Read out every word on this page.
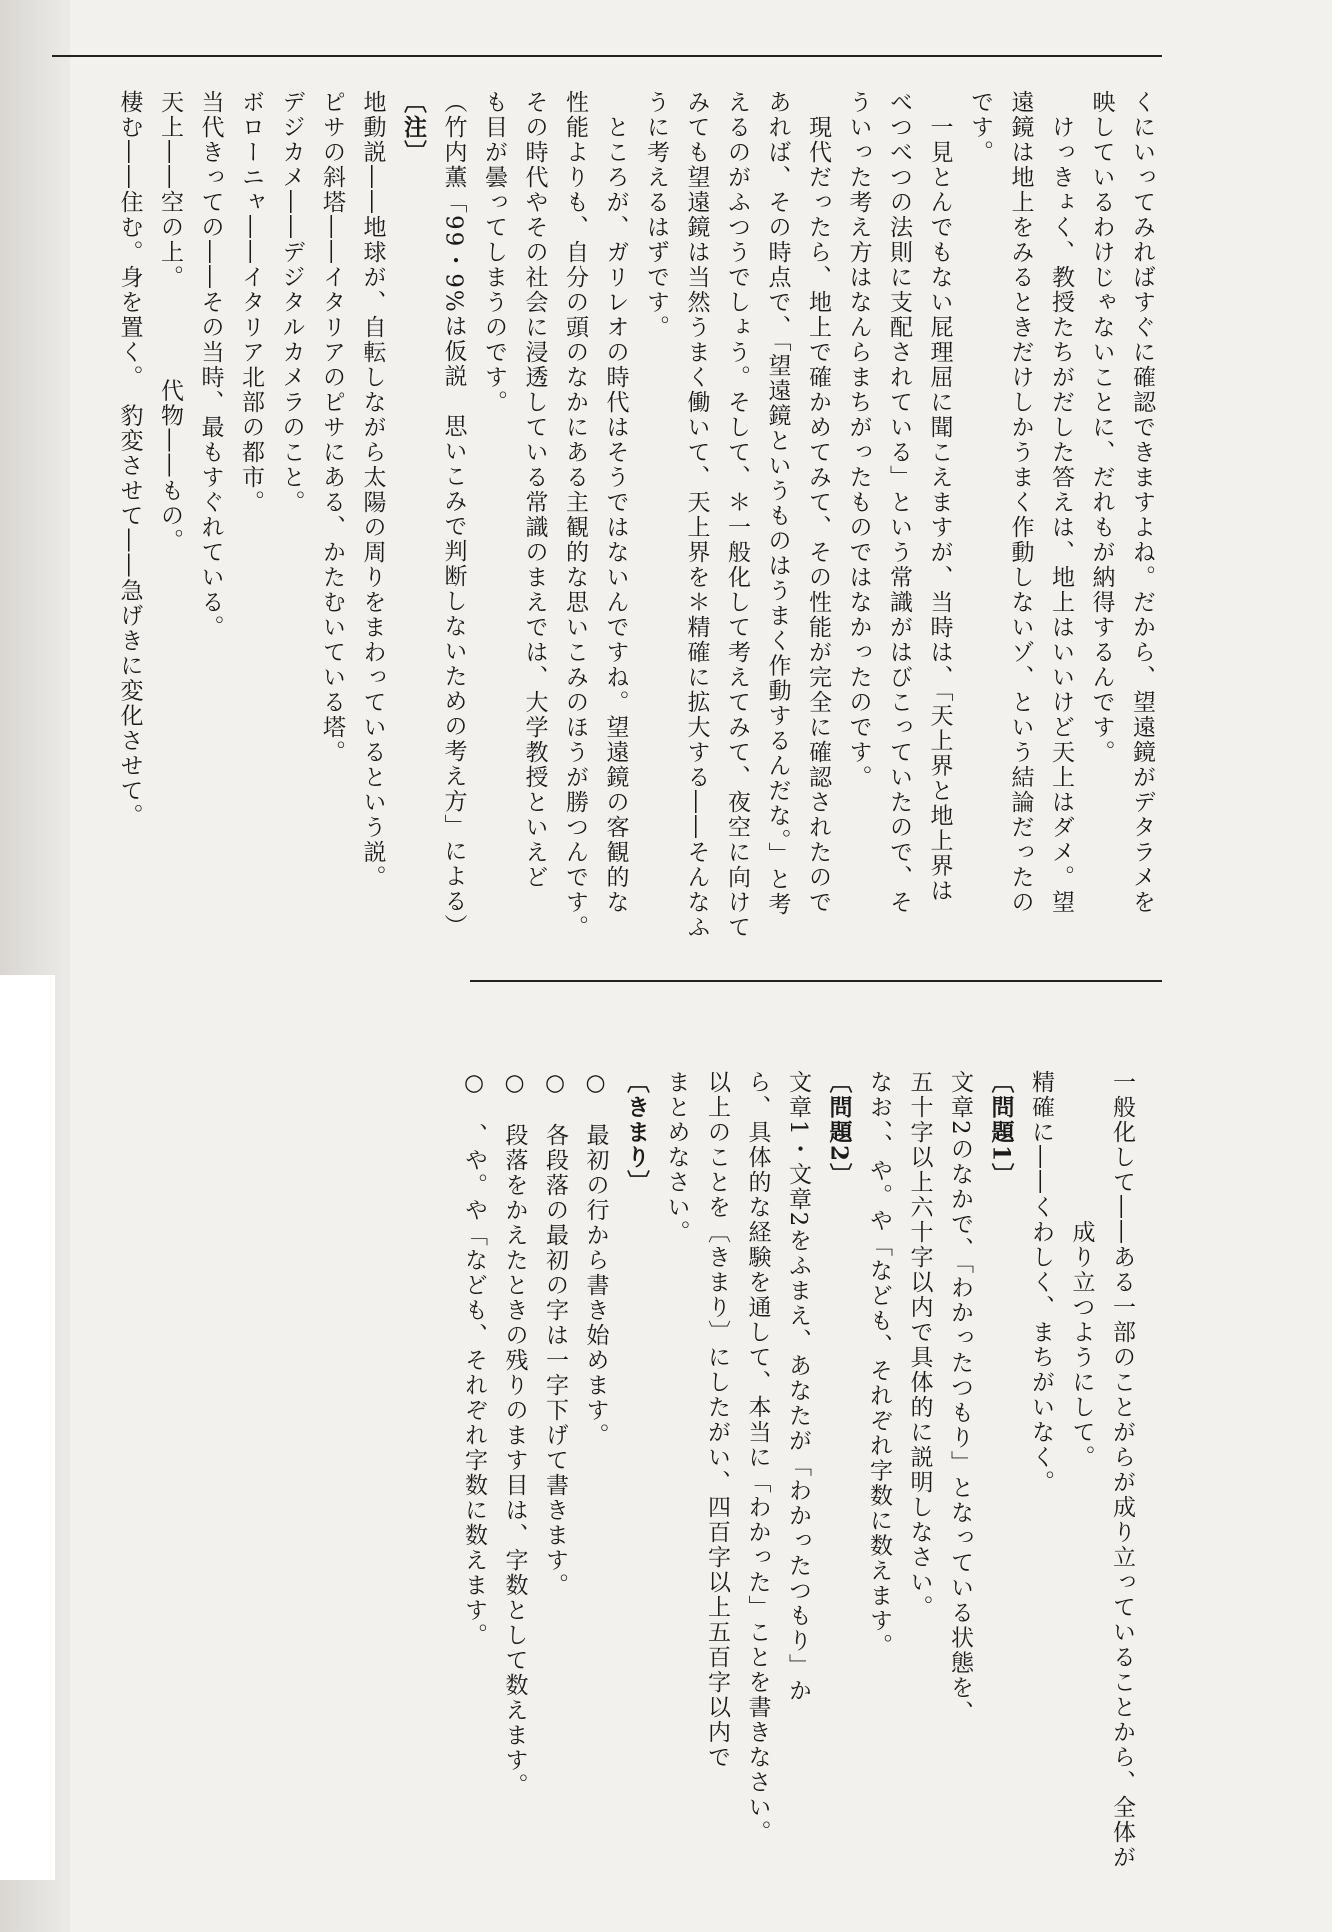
くにいってみればすぐに確認できますよね。だから、望遠鏡がデタラメを
映しているわけじゃないことに、だれもが納得するんです。
　けっきょく、教授たちがだした答えは、地上はいいけど天上はダメ。望
遠鏡は地上をみるときだけしかうまく作動しないゾ、という結論だったの
です。
　一見とんでもない屁理屈に聞こえますが、当時は、「天上界と地上界は
べつべつの法則に支配されている」という常識がはびこっていたので、そ
ういった考え方はなんらまちがったものではなかったのです。
　現代だったら、地上で確かめてみて、その性能が完全に確認されたので
あれば、その時点で、「望遠鏡というものはうまく作動するんだな。」と考
えるのがふつうでしょう。そして、＊一般化して考えてみて、夜空に向けて
みても望遠鏡は当然うまく働いて、天上界を＊精確に拡大する――そんなふ
うに考えるはずです。
　ところが、ガリレオの時代はそうではないんですね。望遠鏡の客観的な
性能よりも、自分の頭のなかにある主観的な思いこみのほうが勝つんです。
その時代やその社会に浸透している常識のまえでは、大学教授といえど
も目が曇ってしまうのです。
（竹内薫「99・9%は仮説　思いこみで判断しないための考え方」による）
〔注〕
地動説――地球が、自転しながら太陽の周りをまわっているという説。
ピサの斜塔――イタリアのピサにある、かたむいている塔。
デジカメ――デジタルカメラのこと。
ボローニャ――イタリア北部の都市。
当代きっての――その当時、最もすぐれている。
天上――空の上。　　　　代物――もの。
棲む――住む。身を置く。　豹変させて――急げきに変化させて。
一般化して――ある一部のことがらが成り立っていることから、全体が
　　　　　　成り立つようにして。
精確に――くわしく、まちがいなく。
〔問題1〕
文章2のなかで、「わかったつもり」となっている状態を、
五十字以上六十字以内で具体的に説明しなさい。
なお、、や。や「なども、それぞれ字数に数えます。
〔問題2〕
文章1・文章2をふまえ、あなたが「わかったつもり」か
ら、具体的な経験を通して、本当に「わかった」ことを書きなさい。
以上のことを〔きまり〕にしたがい、四百字以上五百字以内で
まとめなさい。
〔きまり〕
○　最初の行から書き始めます。
○　各段落の最初の字は一字下げて書きます。
○　段落をかえたときの残りのます目は、字数として数えます。
○　、や。や「なども、それぞれ字数に数えます。
